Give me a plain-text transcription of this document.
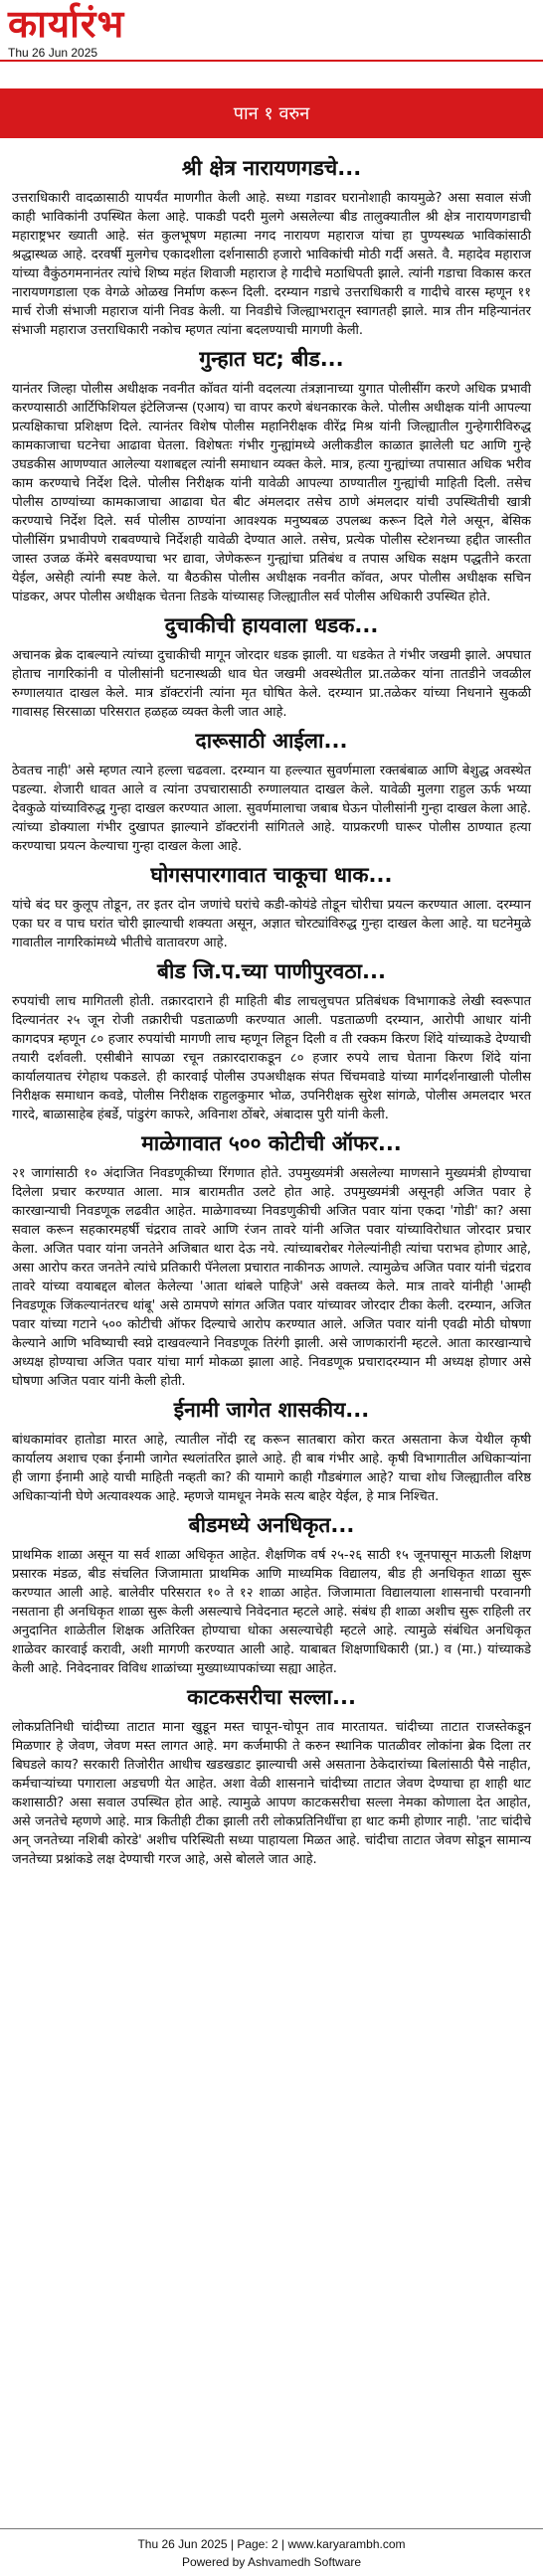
कार्यारंभ
Thu 26 Jun 2025
पान १ वरुन
श्री क्षेत्र नारायणगडचे...
उत्तराधिकारी वादळासाठी यापर्यंत माणगीत केली आहे. सध्या गडावर घरानोशाही कायमुळे? असा सवाल संजी काही भाविकांनी उपस्थित केला आहे. पाकडी पदरी मुलगे असलेल्या बीड तालुक्यातील श्री क्षेत्र नारायणगडाची महाराष्ट्रभर ख्याती आहे. संत कुलभूषण महात्मा नगद नारायण महाराज यांचा हा पुण्यस्थळ भाविकांसाठी श्रद्धास्थळ आहे. दरवर्षी मुलगेच एकादशीला दर्शनासाठी हजारो भाविकांची मोठी गर्दी असते. वै. महादेव महाराज यांच्या वैकुंठगमनानंतर त्यांचे शिष्य महंत शिवाजी महाराज हे गादीचे मठाधिपती झाले. त्यांनी गडाचा विकास करत नारायणगडाला एक वेगळे ओळख निर्माण करून दिली. दरम्यान गडाचे उत्तराधिकारी व गादीचे वारस म्हणून ११ मार्च रोजी संभाजी महाराज यांनी निवड केली. या निवडीचे जिल्ह्याभरातून स्वागतही झाले. मात्र तीन महिन्यानंतर संभाजी महाराज उत्तराधिकारी नकोच म्हणत त्यांना बदलण्याची मागणी केली.
गुन्हात घट; बीड...
यानंतर जिल्हा पोलीस अधीक्षक नवनीत कॉवत यांनी वदलत्या तंत्रज्ञानाच्या युगात पोलीसींग करणे अधिक प्रभावी करण्यासाठी आर्टिफिशियल इंटेलिजन्स (एआय) चा वापर करणे बंधनकारक केले. पोलीस अधीक्षक यांनी आपल्या प्रत्यक्षिकाचा प्रशिक्षण दिले. त्यानंतर विशेष पोलीस महानिरीक्षक वीरेंद्र मिश्र यांनी जिल्ह्यातील गुन्हेगारीविरुद्ध कामकाजाचा घटनेचा आढावा घेतला. विशेषतः गंभीर गुन्ह्यांमध्ये अलीकडील काळात झालेली घट आणि गुन्हे उघडकीस आणण्यात आलेल्या यशाबद्दल त्यांनी समाधान व्यक्त केले. मात्र, हत्या गुन्ह्यांच्या तपासात अधिक भरीव काम करण्याचे निर्देश दिले. पोलीस निरीक्षक यांनी यावेळी आपल्या ठाण्यातील गुन्ह्यांची माहिती दिली. तसेच पोलीस ठाण्यांच्या कामकाजाचा आढावा घेत बीट अंमलदार तसेच ठाणे अंमलदार यांची उपस्थितीची खात्री करण्याचे निर्देश दिले. सर्व पोलीस ठाण्यांना आवश्यक मनुष्यबळ उपलब्ध करून दिले गेले असून, बेसिक पोलीसिंग प्रभावीपणे राबवण्याचे निर्देशही यावेळी देण्यात आले. तसेच, प्रत्येक पोलीस स्टेशनच्या हद्दीत जास्तीत जास्त उजळ कॅमेरे बसवण्याचा भर द्यावा, जेणेकरून गुन्ह्यांचा प्रतिबंध व तपास अधिक सक्षम पद्धतीने करता येईल, असेही त्यांनी स्पष्ट केले. या बैठकीस पोलीस अधीक्षक नवनीत कॉवत, अपर पोलीस अधीक्षक सचिन पांडकर, अपर पोलीस अधीक्षक चेतना तिडके यांच्यासह जिल्ह्यातील सर्व पोलीस अधिकारी उपस्थित होते.
दुचाकीची हायवाला धडक...
अचानक ब्रेक दाबल्याने त्यांच्या दुचाकीची मागून जोरदार धडक झाली. या धडकेत ते गंभीर जखमी झाले. अपघात होताच नागरिकांनी व पोलीसांनी घटनास्थळी धाव घेत जखमी अवस्थेतील प्रा.तळेकर यांना तातडीने जवळील रुग्णालयात दाखल केले. मात्र डॉक्टरांनी त्यांना मृत घोषित केले. दरम्यान प्रा.तळेकर यांच्या निधनाने सुकळी गावासह सिरसाळा परिसरात हळहळ व्यक्त केली जात आहे.
दारूसाठी आईला...
ठेवतच नाही' असे म्हणत त्याने हल्ला चढवला. दरम्यान या हल्ल्यात सुवर्णमाला रक्तबंबाळ आणि बेशुद्ध अवस्थेत पडल्या. शेजारी धावत आले व त्यांना उपचारासाठी रुग्णालयात दाखल केले. यावेळी मुलगा राहुल ऊर्फ भय्या देवकुळे यांच्याविरुद्ध गुन्हा दाखल करण्यात आला. सुवर्णमालाचा जबाब घेऊन पोलीसांनी गुन्हा दाखल केला आहे. त्यांच्या डोक्याला गंभीर दुखापत झाल्याने डॉक्टरांनी सांगितले आहे. याप्रकरणी घारूर पोलीस ठाण्यात हत्या करण्याचा प्रयत्न केल्याचा गुन्हा दाखल केला आहे.
घोगसपारगावात चाकूचा धाक...
यांचे बंद घर कुलूप तोडून, तर इतर दोन जणांचे घरांचे कडी-कोयंडे तोडून चोरीचा प्रयत्न करण्यात आला. दरम्यान एका घर व पाच घरांत चोरी झाल्याची शक्यता असून, अज्ञात चोरट्यांविरुद्ध गुन्हा दाखल केला आहे. या घटनेमुळे गावातील नागरिकांमध्ये भीतीचे वातावरण आहे.
बीड जि.प.च्या पाणीपुरवठा...
रुपयांची लाच मागितली होती. तक्रारदाराने ही माहिती बीड लाचलुचपत प्रतिबंधक विभागाकडे लेखी स्वरूपात दिल्यानंतर २५ जून रोजी तक्रारीची पडताळणी करण्यात आली. पडताळणी दरम्यान, आरोपी आधार यांनी कागदपत्र म्हणून ८० हजार रुपयांची मागणी लाच म्हणून लिहून दिली व ती रक्कम किरण शिंदे यांच्याकडे देण्याची तयारी दर्शवली. एसीबीने सापळा रचून तक्रारदाराकडून ८० हजार रुपये लाच घेताना किरण शिंदे यांना कार्यालयातच रंगेहाथ पकडले. ही कारवाई पोलीस उपअधीक्षक संपत चिंचमवाडे यांच्या मार्गदर्शनाखाली पोलीस निरीक्षक समाधान कवडे, पोलीस निरीक्षक राहुलकुमार भोळ, उपनिरीक्षक सुरेश सांगळे, पोलीस अमलदार भरत गारदे, बाळासाहेब हंबर्डे, पांडुरंग काफरे, अविनाश ठोंबरे, अंबादास पुरी यांनी केली.
माळेगावात ५०० कोटीची ऑफर...
२१ जागांसाठी १० अंदाजित निवडणूकीच्या रिंगणात होते. उपमुख्यमंत्री असलेल्या माणसाने मुख्यमंत्री होण्याचा दिलेला प्रचार करण्यात आला. मात्र बारामतीत उलटे होत आहे. उपमुख्यमंत्री असूनही अजित पवार हे कारखान्याची निवडणूक लढवीत आहेत. माळेगावच्या निवडणुकीची अजित पवार यांना एकदा 'गोडी' का? असा सवाल करून सहकारमहर्षी चंद्रराव तावरे आणि रंजन तावरे यांनी अजित पवार यांच्याविरोधात जोरदार प्रचार केला. अजित पवार यांना जनतेने अजिबात थारा देऊ नये. त्यांच्याबरोबर गेलेल्यांनीही त्यांचा पराभव होणार आहे, असा आरोप करत जनतेने त्यांचे प्रतिकारी पॅनेलला प्रचारात नाकीनऊ आणले. त्यामुळेच अजित पवार यांनी चंद्रराव तावरे यांच्या वयाबद्दल बोलत केलेल्या 'आता थांबले पाहिजे' असे वक्तव्य केले. मात्र तावरे यांनीही 'आम्ही निवडणूक जिंकल्यानंतरच थांबू' असे ठामपणे सांगत अजित पवार यांच्यावर जोरदार टीका केली. दरम्यान, अजित पवार यांच्या गटाने ५०० कोटीची ऑफर दिल्याचे आरोप करण्यात आले. अजित पवार यांनी एवढी मोठी घोषणा केल्याने आणि भविष्याची स्वप्ने दाखवल्याने निवडणूक तिरंगी झाली. असे जाणकारांनी म्हटले. आता कारखान्याचे अध्यक्ष होण्याचा अजित पवार यांचा मार्ग मोकळा झाला आहे. निवडणूक प्रचारादरम्यान मी अध्यक्ष होणार असे घोषणा अजित पवार यांनी केली होती.
ईनामी जागेत शासकीय...
बांधकामांवर हातोडा मारत आहे, त्यातील नोंदी रद्द करून सातबारा कोरा करत असताना केज येथील कृषी कार्यालय अशाच एका ईनामी जागेत स्थलांतरित झाले आहे. ही बाब गंभीर आहे. कृषी विभागातील अधिकाऱ्यांना ही जागा ईनामी आहे याची माहिती नव्हती का? की यामागे काही गौडबंगाल आहे? याचा शोध जिल्ह्यातील वरिष्ठ अधिकाऱ्यांनी घेणे अत्यावश्यक आहे. म्हणजे यामधून नेमके सत्य बाहेर येईल, हे मात्र निश्चित.
बीडमध्ये अनधिकृत...
प्राथमिक शाळा असून या सर्व शाळा अधिकृत आहेत. शैक्षणिक वर्ष २५-२६ साठी १५ जूनपासून माऊली शिक्षण प्रसारक मंडळ, बीड संचलित जिजामाता प्राथमिक आणि माध्यमिक विद्यालय, बीड ही अनधिकृत शाळा सुरू करण्यात आली आहे. बालेवीर परिसरात १० ते १२ शाळा आहेत. जिजामाता विद्यालयाला शासनाची परवानगी नसताना ही अनधिकृत शाळा सुरू केली असल्याचे निवेदनात म्हटले आहे. संबंध ही शाळा अशीच सुरू राहिली तर अनुदानित शाळेतील शिक्षक अतिरिक्त होण्याचा धोका असल्याचेही म्हटले आहे. त्यामुळे संबंधित अनधिकृत शाळेवर कारवाई करावी, अशी मागणी करण्यात आली आहे. याबाबत शिक्षणाधिकारी (प्रा.) व (मा.) यांच्याकडे केली आहे. निवेदनावर विविध शाळांच्या मुख्याध्यापकांच्या सह्या आहेत.
काटकसरीचा सल्ला...
लोकप्रतिनिधी चांदीच्या ताटात माना खुडून मस्त चापून-चोपून ताव मारतायत. चांदीच्या ताटात राजस्तेकडून मिळणार हे जेवण, जेवण मस्त लागत आहे. मग कर्जमाफी ते करुन स्थानिक पातळीवर लोकांना ब्रेक दिला तर बिघडले काय? सरकारी तिजोरीत आधीच खडखडाट झाल्याची असे असताना ठेकेदारांच्या बिलांसाठी पैसे नाहीत, कर्मचाऱ्यांच्या पगाराला अडचणी येत आहेत. अशा वेळी शासनाने चांदीच्या ताटात जेवण देण्याचा हा शाही थाट कशासाठी? असा सवाल उपस्थित होत आहे. त्यामुळे आपण काटकसरीचा सल्ला नेमका कोणाला देत आहोत, असे जनतेचे म्हणणे आहे. मात्र कितीही टीका झाली तरी लोकप्रतिनिधींचा हा थाट कमी होणार नाही. 'ताट चांदीचे अन् जनतेच्या नशिबी कोरडे' अशीच परिस्थिती सध्या पाहायला मिळत आहे. चांदीचा ताटात जेवण सोडून सामान्य जनतेच्या प्रश्नांकडे लक्ष देण्याची गरज आहे, असे बोलले जात आहे.
Thu 26 Jun 2025 | Page: 2 | www.karyarambh.com
Powered by Ashvamedh Software
